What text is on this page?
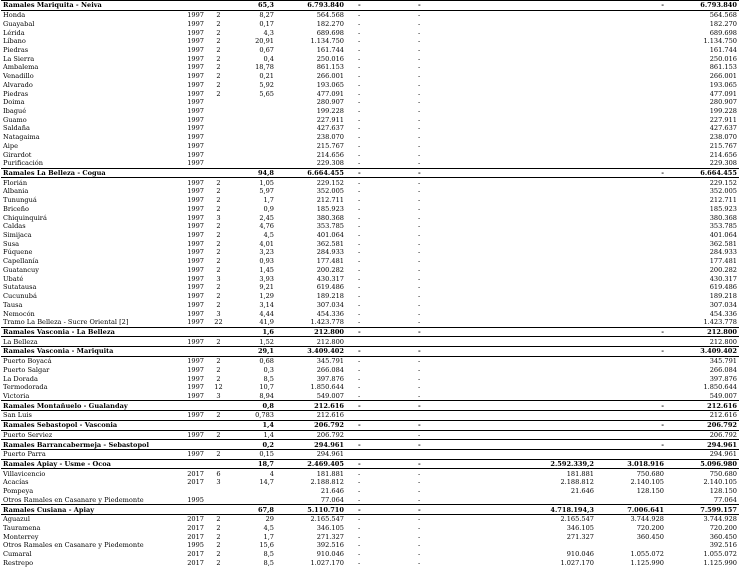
Ramales Mariquita - Neiva			65,3	6.793.840	-	-		-	6.793.840
Honda	1997	2	8,27	564.568	-	-			564.568
Guayabal	1997	2	0,17	182.270	-	-			182.270
Lérida	1997	2	4,3	689.698	-	-			689.698
Líbano	1997	2	20,91	1.134.750	-	-			1.134.750
Piedras	1997	2	0,67	161.744	-	-			161.744
La Sierra	1997	2	0,4	250.016	-	-			250.016
Ambalema	1997	2	18,78	861.153	-	-			861.153
Venadillo	1997	2	0,21	266.001	-	-			266.001
Alvarado	1997	2	5,92	193.065	-	-			193.065
Piedras	1997	2	5,65	477.091	-	-			477.091
Doima	1997			280.907	-	-			280.907
Ibagué	1997			199.228	-	-			199.228
Guamo	1997			227.911	-	-			227.911
Saldaña	1997			427.637	-	-			427.637
Natagaima	1997			238.070	-	-			238.070
Aipe	1997			215.767	-	-			215.767
Girardot	1997			214.656	-	-			214.656
Purificación	1997			229.308	-	-			229.308
Ramales La Belleza - Cogua			94,8	6.664.455	-	-		-	6.664.455
Florián	1997	2	1,05	229.152	-	-			229.152
Albania	1997	2	5,97	352.005	-	-			352.005
Tununguá	1997	2	1,7	212.711	-	-			212.711
Briceño	1997	2	0,9	185.923	-	-			185.923
Chiquinquirá	1997	3	2,45	380.368	-	-			380.368
Caldas	1997	2	4,76	353.785	-	-			353.785
Simijaca	1997	2	4,5	401.064	-	-			401.064
Susa	1997	2	4,01	362.581	-	-			362.581
Fúquene	1997	2	3,23	284.933	-	-			284.933
Capellanía	1997	2	0,93	177.481	-	-			177.481
Guatancuy	1997	2	1,45	200.282	-	-			200.282
Ubaté	1997	3	3,93	430.317	-	-			430.317
Sutatausa	1997	2	9,21	619.486	-	-			619.486
Cucunubá	1997	2	1,29	189.218	-	-			189.218
Tausa	1997	2	3,14	307.034	-	-			307.034
Nemocón	1997	3	4,44	454.336	-	-			454.336
Tramo La Belleza - Sucre Oriental [2]	1997	22	41,9	1.423.778	-	-			1.423.778
Ramales Vasconia - La Belleza			1,6	212.800	-	-		-	212.800
La Belleza	1997	2	1,52	212.800					212.800
Ramales Vasconia - Mariquita			29,1	3.409.402	-	-		-	3.409.402
Puerto Boyacá	1997	2	0,68	345.791	-	-			345.791
Puerto Salgar	1997	2	0,3	266.084	-	-			266.084
La Dorada	1997	2	8,5	397.876	-	-			397.876
Termodorada	1997	12	10,7	1.850.644	-	-			1.850.644
Victoria	1997	3	8,94	549.007	-	-			549.007
Ramales Montañuelo - Gualanday			0,8	212.616	-	-		-	212.616
San Luis	1997	2	0,783	212.616					212.616
Ramales Sebastopol - Vasconia			1,4	206.792	-	-		-	206.792
Puerto Serviez	1997	2	1,4	206.792		-			206.792
Ramales Barrancabermeja - Sebastopol			0,2	294.961	-	-		-	294.961
Puerto Parra	1997	2	0,15	294.961					294.961
Ramales Apiay - Usme - Ocoa			18,7	2.469.405	-	-	2.592.339,2	3.018.916	5.096.980
Villavicencio	2017	6	4	181.881	-	-	181.881	750.680	750.680
Acacías	2017	3	14,7	2.188.812	-	-	2.188.812	2.140.105	2.140.105
Pompeya				21.646	-	-	21.646	128.150	128.150
Otros Ramales en Casanare y Piedemonte	1995			77.064	-	-			77.064
Ramales Cusiana - Apiay			67,8	5.110.710	-	-	4.718.194,3	7.006.641	7.599.157
Aguazul	2017	2	29	2.165.547	-	-	2.165.547	3.744.928	3.744.928
Tauramena	2017	2	4,5	346.105	-	-	346.105	720.200	720.200
Monterrey	2017	2	1,7	271.327	-	-	271.327	360.450	360.450
Otros Ramales en Casanare y Piedemonte	1995	2	15,6	392.516	-	-			392.516
Cumaral	2017	2	8,5	910.046	-	-	910.046	1.055.072	1.055.072
Restrepo	2017	2	8,5	1.027.170	-	-	1.027.170	1.125.990	1.125.990
